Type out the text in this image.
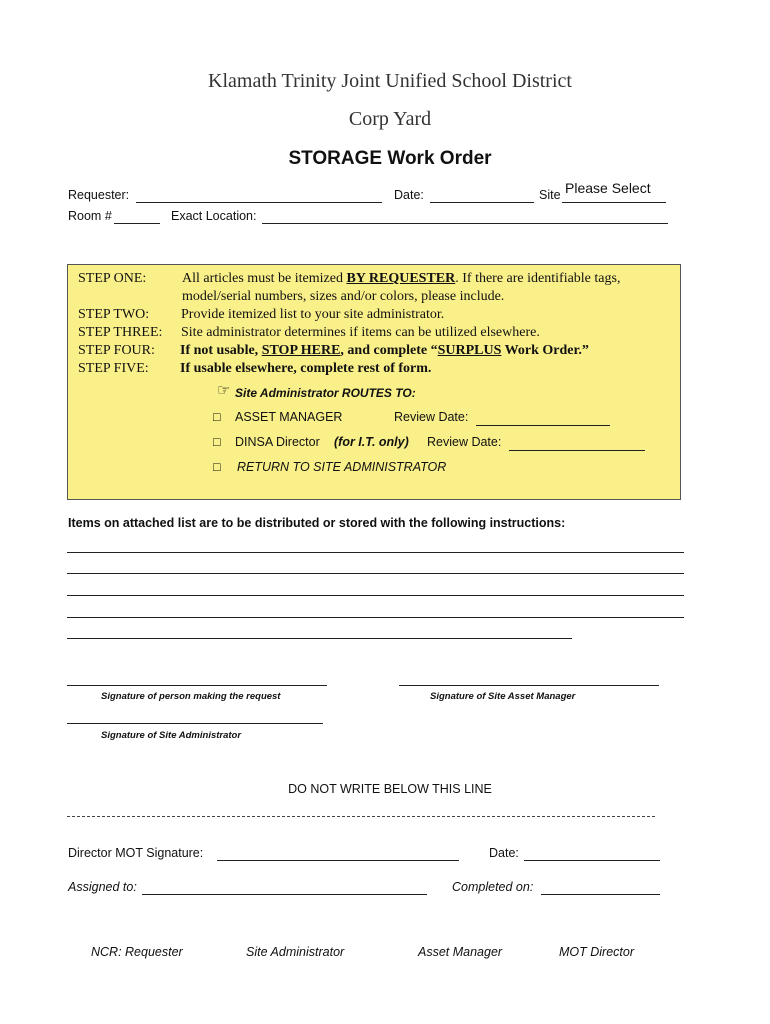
Klamath Trinity Joint Unified School District
Corp Yard
STORAGE Work Order
Requester:	Date:	Site Please Select
Room #	Exact Location:
STEP ONE:	All articles must be itemized BY REQUESTER. If there are identifiable tags,
model/serial numbers, sizes and/or colors, please include.
STEP TWO: Provide itemized list to your site administrator.
STEP THREE: Site administrator determines if items can be utilized elsewhere.
STEP FOUR: If not usable, STOP HERE, and complete “SURPLUS Work Order.”
STEP FIVE: If usable elsewhere, complete rest of form.
☞ Site Administrator ROUTES TO:
□ ASSET MANAGER	Review Date:
□ DINSA Director (for I.T. only) Review Date:
□ RETURN TO SITE ADMINISTRATOR
Items on attached list are to be distributed or stored with the following instructions:
Signature of person making the request	Signature of Site Asset Manager
Signature of Site Administrator
DO NOT WRITE BELOW THIS LINE
Director MOT Signature:	Date:
Assigned to:	Completed on:
NCR: Requester	Site Administrator	Asset Manager	MOT Director
